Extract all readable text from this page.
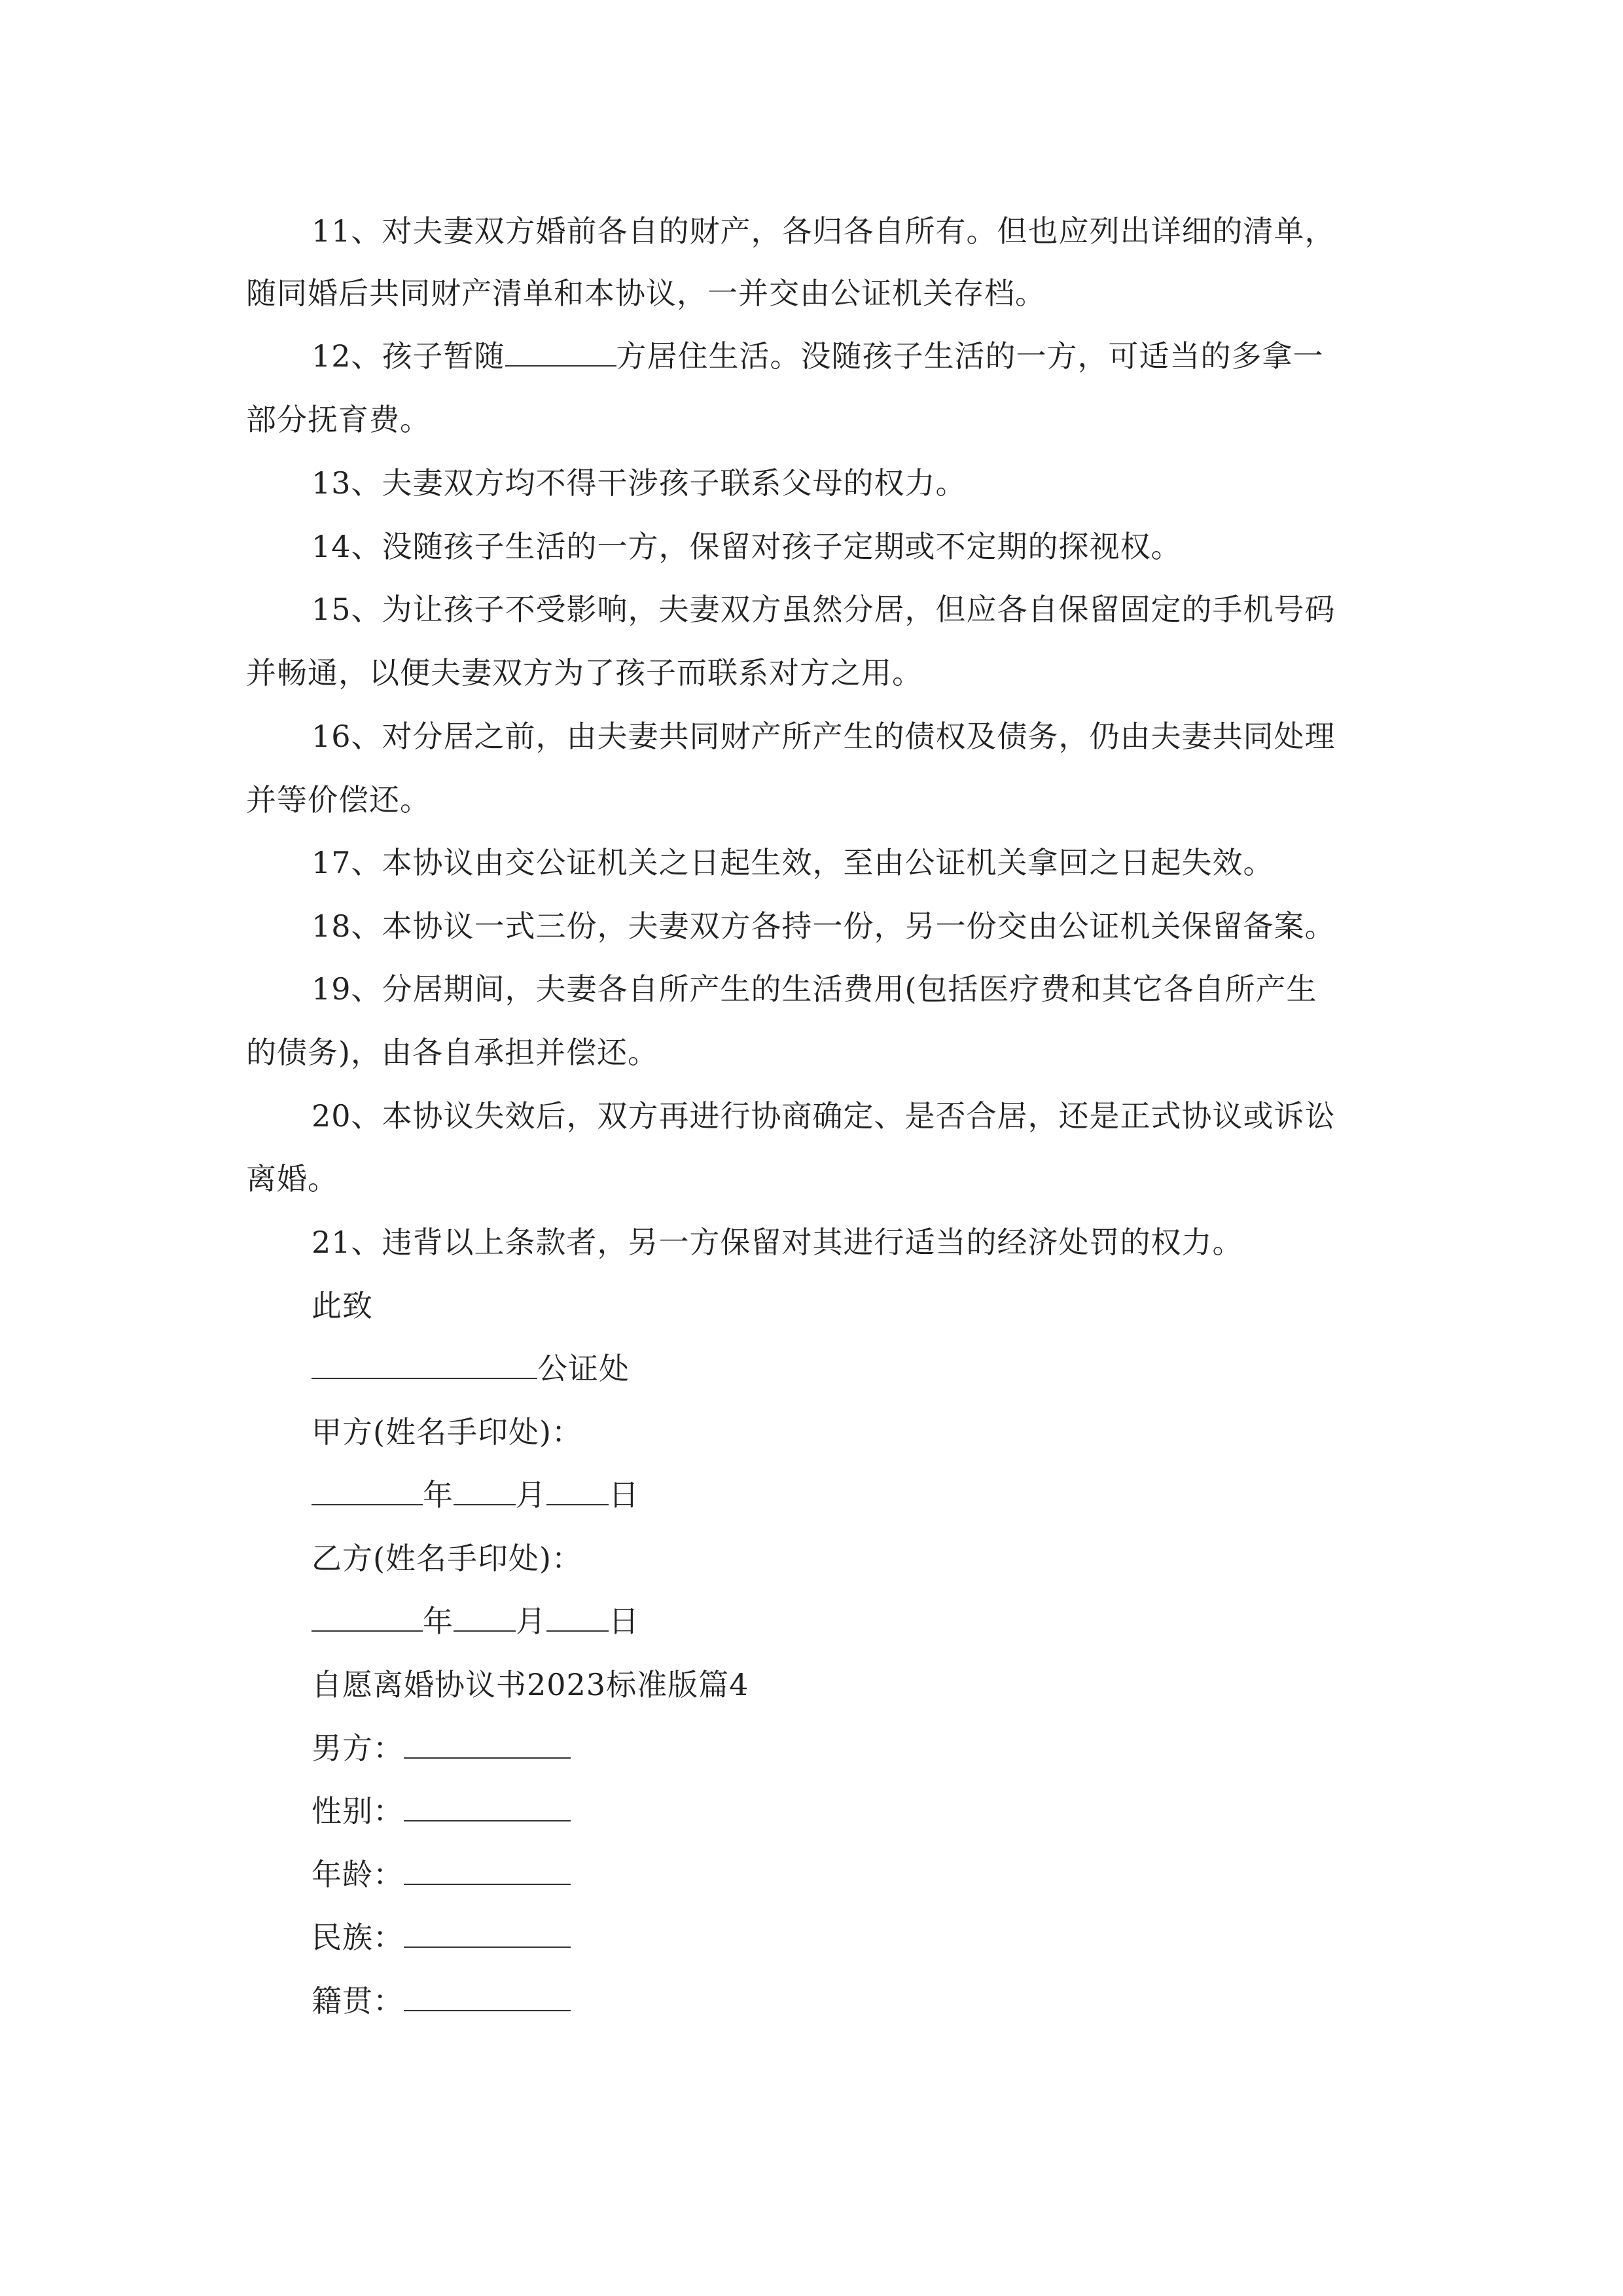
11、对夫妻双方婚前各自的财产，各归各自所有。但也应列出详细的清单，
随同婚后共同财产清单和本协议，一并交由公证机关存档。
12、孩子暂随	方居住生活。没随孩子生活的一方，可适当的多拿一
部分抚育费。
13、夫妻双方均不得干涉孩子联系父母的权力。
14、没随孩子生活的一方，保留对孩子定期或不定期的探视权。
15、为让孩子不受影响，夫妻双方虽然分居，但应各自保留固定的手机号码
并畅通，以便夫妻双方为了孩子而联系对方之用。
16、对分居之前，由夫妻共同财产所产生的债权及债务，仍由夫妻共同处理
并等价偿还。
17、本协议由交公证机关之日起生效，至由公证机关拿回之日起失效。
18、本协议一式三份，夫妻双方各持一份，另一份交由公证机关保留备案。
19、分居期间，夫妻各自所产生的生活费用(包括医疗费和其它各自所产生
的债务)，由各自承担并偿还。
20、本协议失效后，双方再进行协商确定、是否合居，还是正式协议或诉讼
离婚。
21、违背以上条款者，另一方保留对其进行适当的经济处罚的权力。
此致
公证处
甲方(姓名手印处)：
年 月 日
乙方(姓名手印处)：
年 月 日
自愿离婚协议书2023标准版篇4
男方：
性别：
年龄：
民族：
籍贯：
